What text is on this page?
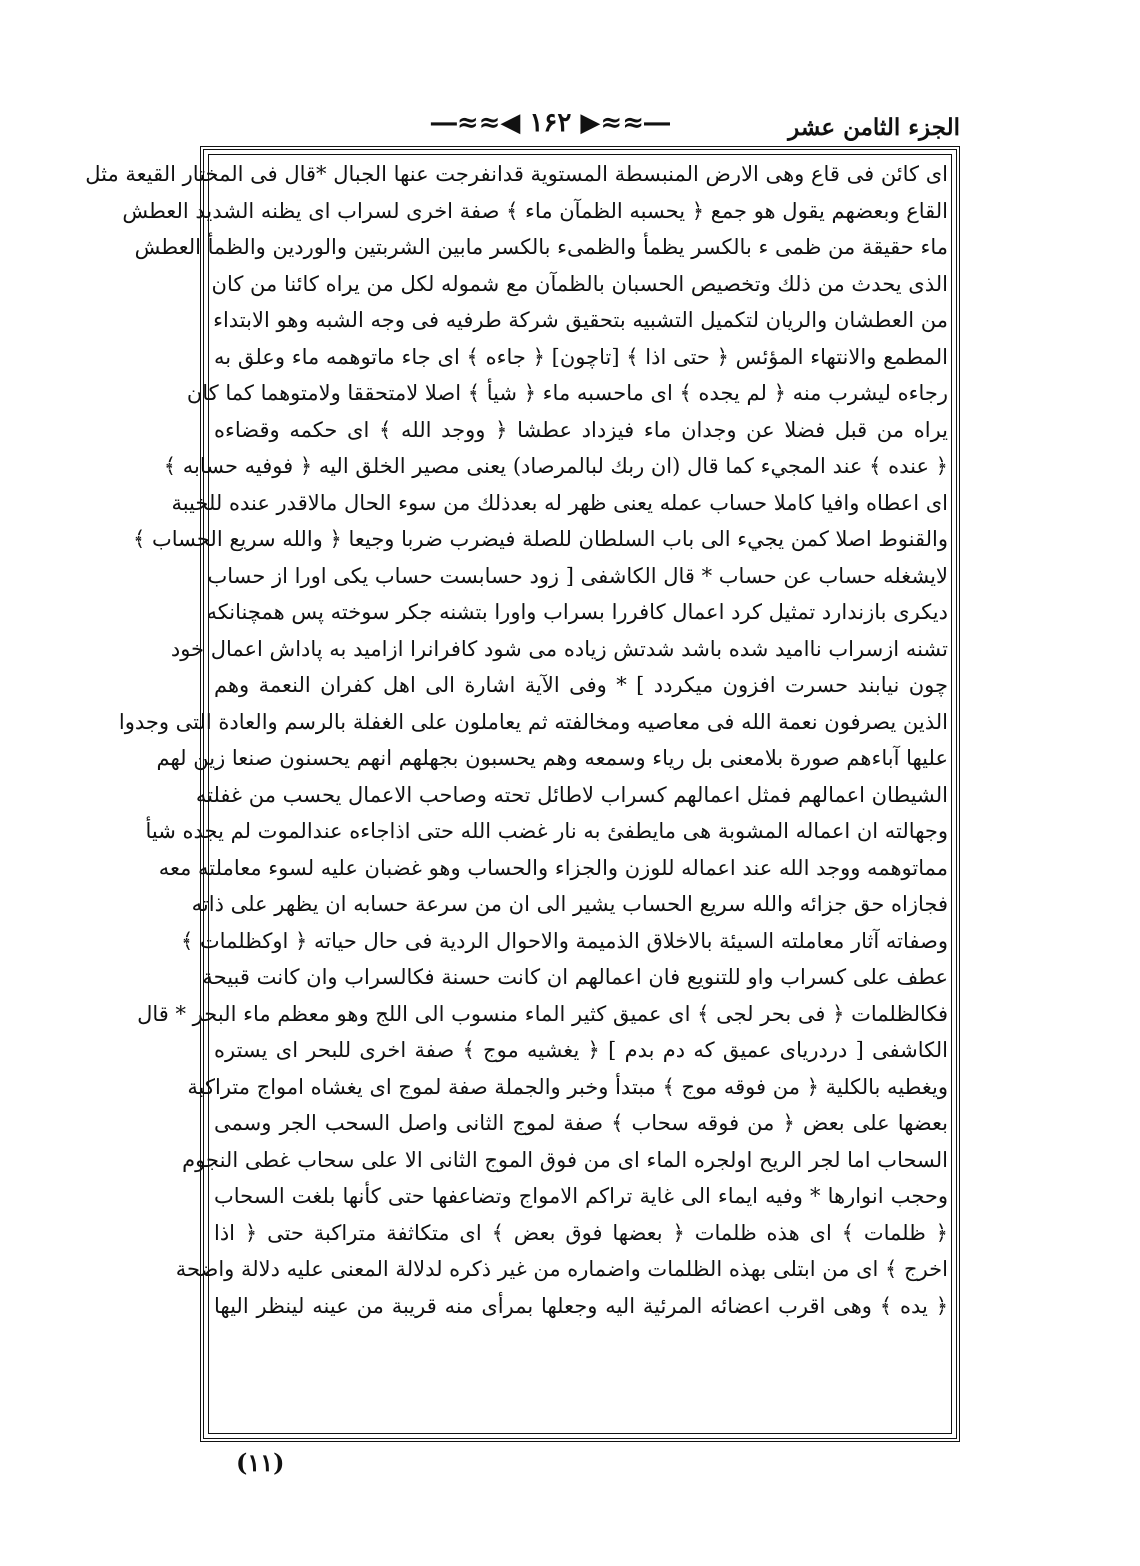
الجزء الثامن عشر
―≈≈▶ ۱۶۲ ◀≈≈―
اى كائن فى قاع وهى الارض المنبسطة المستوية قدانفرجت عنها الجبال *قال فى المختار القيعة مثل
القاع وبعضهم يقول هو جمع ﴿ يحسبه الظمآن ماء ﴾ صفة اخرى لسراب اى يظنه الشديد العطش
ماء حقيقة من ظمى ء بالكسر يظمأ والظمىء بالكسر مابين الشربتين والوردين والظمأ العطش
الذى يحدث من ذلك وتخصيص الحسبان بالظمآن مع شموله لكل من يراه كائنا من كان
من العطشان والريان لتكميل التشبيه بتحقيق شركة طرفيه فى وجه الشبه وهو الابتداء
المطمع والانتهاء المؤئس ﴿ حتى اذا ﴾ [تاچون] ﴿ جاءه ﴾ اى جاء ماتوهمه ماء وعلق به
رجاءه ليشرب منه ﴿ لم يجده ﴾ اى ماحسبه ماء ﴿ شيأ ﴾ اصلا لامتحققا ولامتوهما كما كان
يراه من قبل فضلا عن وجدان ماء فيزداد عطشا ﴿ ووجد الله ﴾ اى حكمه وقضاءه
﴿ عنده ﴾ عند المجيء كما قال (ان ربك لبالمرصاد) يعنى مصير الخلق اليه ﴿ فوفيه حسابه ﴾
اى اعطاه وافيا كاملا حساب عمله يعنى ظهر له بعدذلك من سوء الحال مالاقدر عنده للخيبة
والقنوط اصلا كمن يجيء الى باب السلطان للصلة فيضرب ضربا وجيعا ﴿ والله سريع الحساب ﴾
لايشغله حساب عن حساب * قال الكاشفى [ زود حسابست حساب يكى اورا از حساب
ديكرى بازندارد تمثيل كرد اعمال كافررا بسراب واورا بتشنه جكر سوخته پس همچنانكه
تشنه ازسراب نااميد شده باشد شدتش زياده مى شود كافرانرا ازاميد به پاداش اعمال خود
چون نيابند حسرت افزون ميكردد ] * وفى الآية اشارة الى اهل كفران النعمة وهم
الذين يصرفون نعمة الله فى معاصيه ومخالفته ثم يعاملون على الغفلة بالرسم والعادة التى وجدوا
عليها آباءهم صورة بلامعنى بل رياء وسمعه وهم يحسبون بجهلهم انهم يحسنون صنعا زين لهم
الشيطان اعمالهم فمثل اعمالهم كسراب لاطائل تحته وصاحب الاعمال يحسب من غفلته
وجهالته ان اعماله المشوبة هى مايطفئ به نار غضب الله حتى اذاجاءه عندالموت لم يجده شيأ
مماتوهمه ووجد الله عند اعماله للوزن والجزاء والحساب وهو غضبان عليه لسوء معاملته معه
فجازاه حق جزائه والله سريع الحساب يشير الى ان من سرعة حسابه ان يظهر على ذاته
وصفاته آثار معاملته السيئة بالاخلاق الذميمة والاحوال الردية فى حال حياته ﴿ اوكظلمات ﴾
عطف على كسراب واو للتنويع فان اعمالهم ان كانت حسنة فكالسراب وان كانت قبيحة
فكالظلمات ﴿ فى بحر لجى ﴾ اى عميق كثير الماء منسوب الى اللج وهو معظم ماء البحر * قال
الكاشفى [ دردرياى عميق كه دم بدم ] ﴿ يغشيه موج ﴾ صفة اخرى للبحر اى يستره
ويغطيه بالكلية ﴿ من فوقه موج ﴾ مبتدأ وخبر والجملة صفة لموج اى يغشاه امواج متراكبة
بعضها على بعض ﴿ من فوقه سحاب ﴾ صفة لموج الثانى واصل السحب الجر وسمى
السحاب اما لجر الريح اولجره الماء اى من فوق الموج الثانى الا على سحاب غطى النجوم
وحجب انوارها * وفيه ايماء الى غاية تراكم الامواج وتضاعفها حتى كأنها بلغت السحاب
﴿ ظلمات ﴾ اى هذه ظلمات ﴿ بعضها فوق بعض ﴾ اى متكاثفة متراكبة حتى ﴿ اذا
اخرج ﴾ اى من ابتلى بهذه الظلمات واضماره من غير ذكره لدلالة المعنى عليه دلالة واضحة
﴿ يده ﴾ وهى اقرب اعضائه المرئية اليه وجعلها بمرأى منه قريبة من عينه لينظر اليها
(۱۱)
